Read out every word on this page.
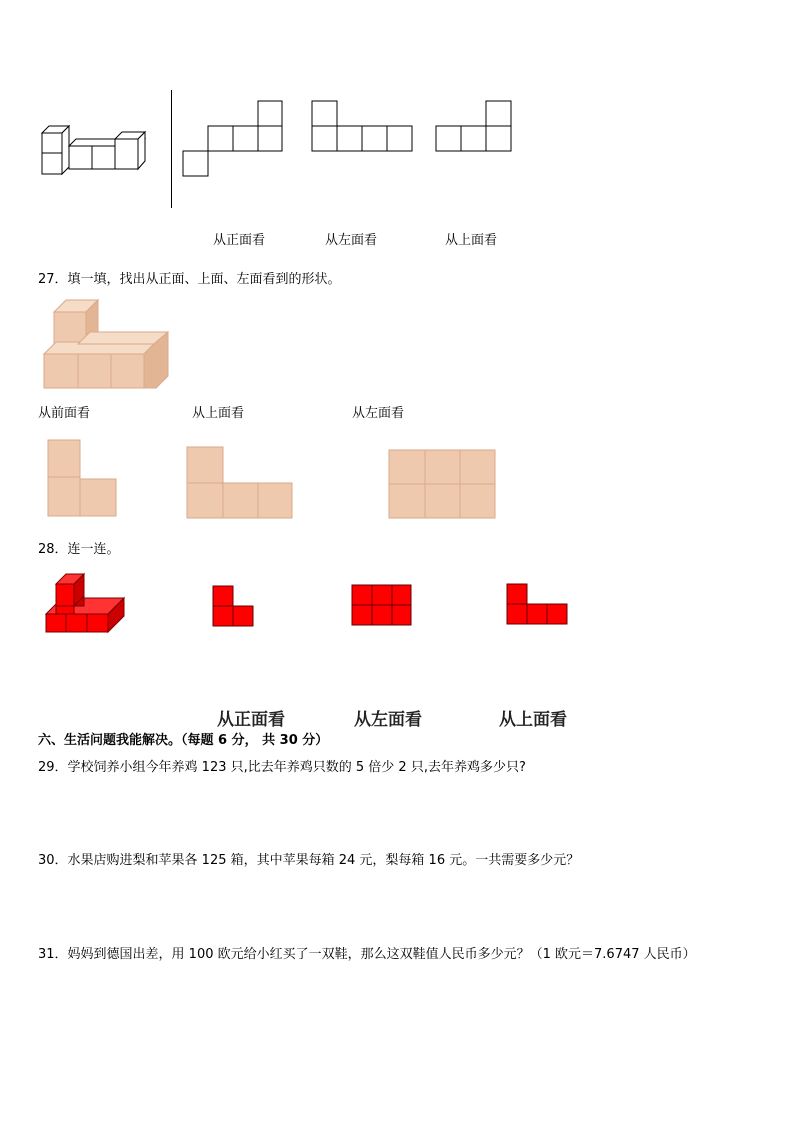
从正面看	从左面看	从上面看
27．填一填，找出从正面、上面、左面看到的形状。
从前面看	从上面看	从左面看
28．连一连。
从正面看	从左面看	从上面看
六、生活问题我能解决。（每题 6 分， 共 30 分）
29．学校饲养小组今年养鸡 123 只,比去年养鸡只数的 5 倍少 2 只,去年养鸡多少只?
30．水果店购进梨和苹果各 125 箱，其中苹果每箱 24 元，梨每箱 16 元。一共需要多少元？
31．妈妈到德国出差，用 100 欧元给小红买了一双鞋，那么这双鞋值人民币多少元？（1 欧元＝7.6747 人民币）
